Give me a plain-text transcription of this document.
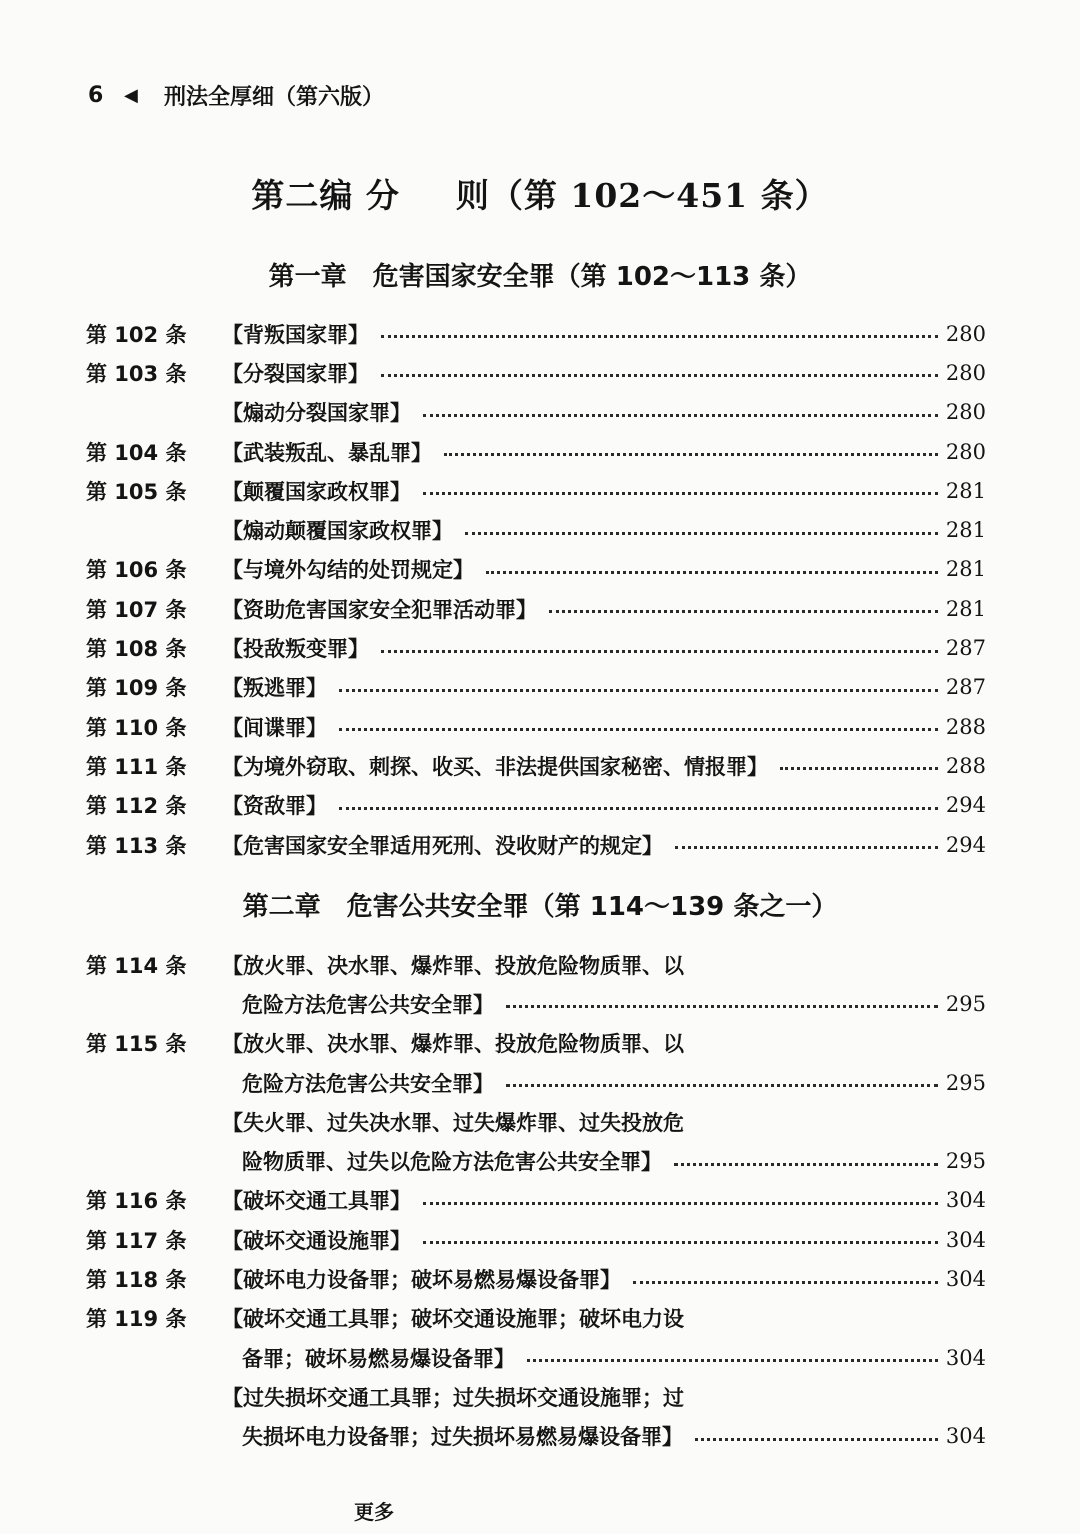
6	◀	刑法全厚细（第六版）
第二编 分 则（第 102～451 条）
第一章 危害国家安全罪（第 102～113 条）
第 102 条	【背叛国家罪】	280
第 103 条	【分裂国家罪】	280
【煽动分裂国家罪】	280
第 104 条	【武装叛乱、暴乱罪】	280
第 105 条	【颠覆国家政权罪】	281
【煽动颠覆国家政权罪】	281
第 106 条	【与境外勾结的处罚规定】	281
第 107 条	【资助危害国家安全犯罪活动罪】	281
第 108 条	【投敌叛变罪】	287
第 109 条	【叛逃罪】	287
第 110 条	【间谍罪】	288
第 111 条	【为境外窃取、刺探、收买、非法提供国家秘密、情报罪】	288
第 112 条	【资敌罪】	294
第 113 条	【危害国家安全罪适用死刑、没收财产的规定】	294
第二章 危害公共安全罪（第 114～139 条之一）
第 114 条	【放火罪、决水罪、爆炸罪、投放危险物质罪、以
危险方法危害公共安全罪】	295
第 115 条	【放火罪、决水罪、爆炸罪、投放危险物质罪、以
危险方法危害公共安全罪】	295
【失火罪、过失决水罪、过失爆炸罪、过失投放危
险物质罪、过失以危险方法危害公共安全罪】	295
第 116 条	【破坏交通工具罪】	304
第 117 条	【破坏交通设施罪】	304
第 118 条	【破坏电力设备罪；破坏易燃易爆设备罪】	304
第 119 条	【破坏交通工具罪；破坏交通设施罪；破坏电力设
备罪；破坏易燃易爆设备罪】	304
【过失损坏交通工具罪；过失损坏交通设施罪；过
失损坏电力设备罪；过失损坏易燃易爆设备罪】	304
更多
